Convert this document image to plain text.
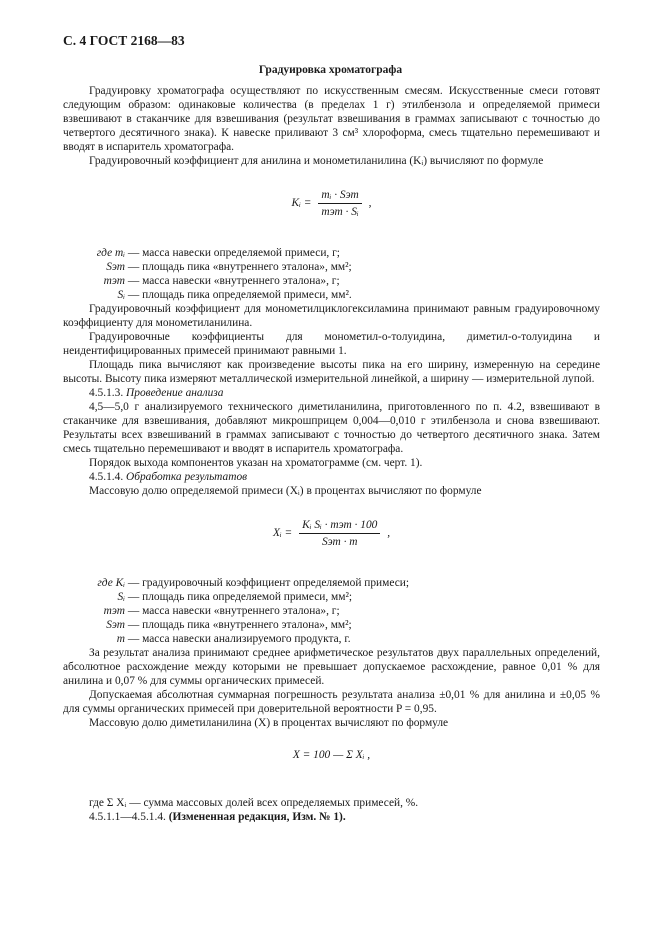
С. 4 ГОСТ 2168—83
Градуировка хроматографа

Градуировку хроматографа осуществляют по искусственным смесям. Искусственные смеси готовят следующим образом: одинаковые количества (в пределах 1 г) этилбензола и определяемой примеси взвешивают в стаканчике для взвешивания (результат взвешивания в граммах записывают с точностью до четвертого десятичного знака). К навеске приливают 3 см³ хлороформа, смесь тщательно перемешивают и вводят в испаритель хроматографа.

Градуировочный коэффициент для анилина и монометиланилина (Kᵢ) вычисляют по формуле

Kᵢ = $\frac{\text{mᵢ · Sэт}}{\text{mэт · Sᵢ}}$ ,
где mᵢ — масса навески определяемой примеси, г;
Sэт — площадь пика «внутреннего эталона», мм²;
mэт — масса навески «внутреннего эталона», г;
Sᵢ — площадь пика определяемой примеси, мм².

Градуировочный коэффициент для монометилциклогексиламина принимают равным градуировочному коэффициенту для монометиланилина.

Градуировочные коэффициенты для монометил-о-толуидина, диметил-о-толуидина и неидентифицированных примесей принимают равными 1.

Площадь пика вычисляют как произведение высоты пика на его ширину, измеренную на середине высоты. Высоту пика измеряют металлической измерительной линейкой, а ширину — измерительной лупой.

4.5.1.3. Проведение анализа

4,5—5,0 г анализируемого технического диметиланилина, приготовленного по п. 4.2, взвешивают в стаканчике для взвешивания, добавляют микрошприцем 0,004—0,010 г этилбензола и снова взвешивают. Результаты всех взвешиваний в граммах записывают с точностью до четвертого десятичного знака. Затем смесь тщательно перемешивают и вводят в испаритель хроматографа.

Порядок выхода компонентов указан на хроматограмме (см. черт. 1).

4.5.1.4. Обработка результатов

Массовую долю определяемой примеси (Xᵢ) в процентах вычисляют по формуле

Xᵢ = $\frac{\text{Kᵢ Sᵢ · mэт · 100}}{\text{Sэт · m}}$ ,
где Kᵢ — градуировочный коэффициент определяемой примеси;
Sᵢ — площадь пика определяемой примеси, мм²;
mэт — масса навески «внутреннего эталона», г;
Sэт — площадь пика «внутреннего эталона», мм²;
m — масса навески анализируемого продукта, г.

За результат анализа принимают среднее арифметическое результатов двух параллельных определений, абсолютное расхождение между которыми не превышает допускаемое расхождение, равное 0,01 % для анилина и 0,07 % для суммы органических примесей.

Допускаемая абсолютная суммарная погрешность результата анализа ±0,01 % для анилина и ±0,05 % для суммы органических примесей при доверительной вероятности P = 0,95.

Массовую долю диметиланилина (X) в процентах вычисляют по формуле

X = 100 — Σ Xᵢ ,

где Σ Xᵢ — сумма массовых долей всех определяемых примесей, %.

4.5.1.1—4.5.1.4. (Измененная редакция, Изм. № 1).
